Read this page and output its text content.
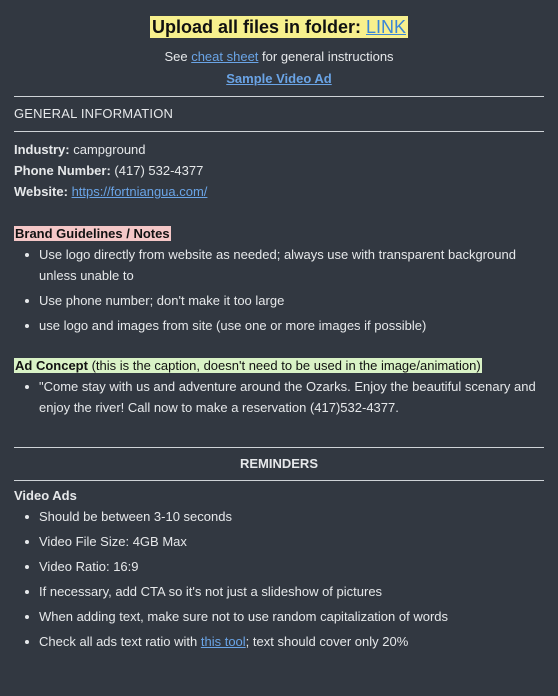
Upload all files in folder: LINK
See cheat sheet for general instructions
Sample Video Ad
GENERAL INFORMATION
Industry: campground
Phone Number: (417) 532-4377
Website: https://fortniangua.com/
Brand Guidelines / Notes
Use logo directly from website as needed; always use with transparent background unless unable to
Use phone number; don't make it too large
use logo and images from site (use one or more images if possible)
Ad Concept (this is the caption, doesn't need to be used in the image/animation)
"Come stay with us and adventure around the Ozarks. Enjoy the beautiful scenary and enjoy the river! Call now to make a reservation (417)532-4377.
REMINDERS
Video Ads
Should be between 3-10 seconds
Video File Size: 4GB Max
Video Ratio: 16:9
If necessary, add CTA so it's not just a slideshow of pictures
When adding text, make sure not to use random capitalization of words
Check all ads text ratio with this tool; text should cover only 20%
